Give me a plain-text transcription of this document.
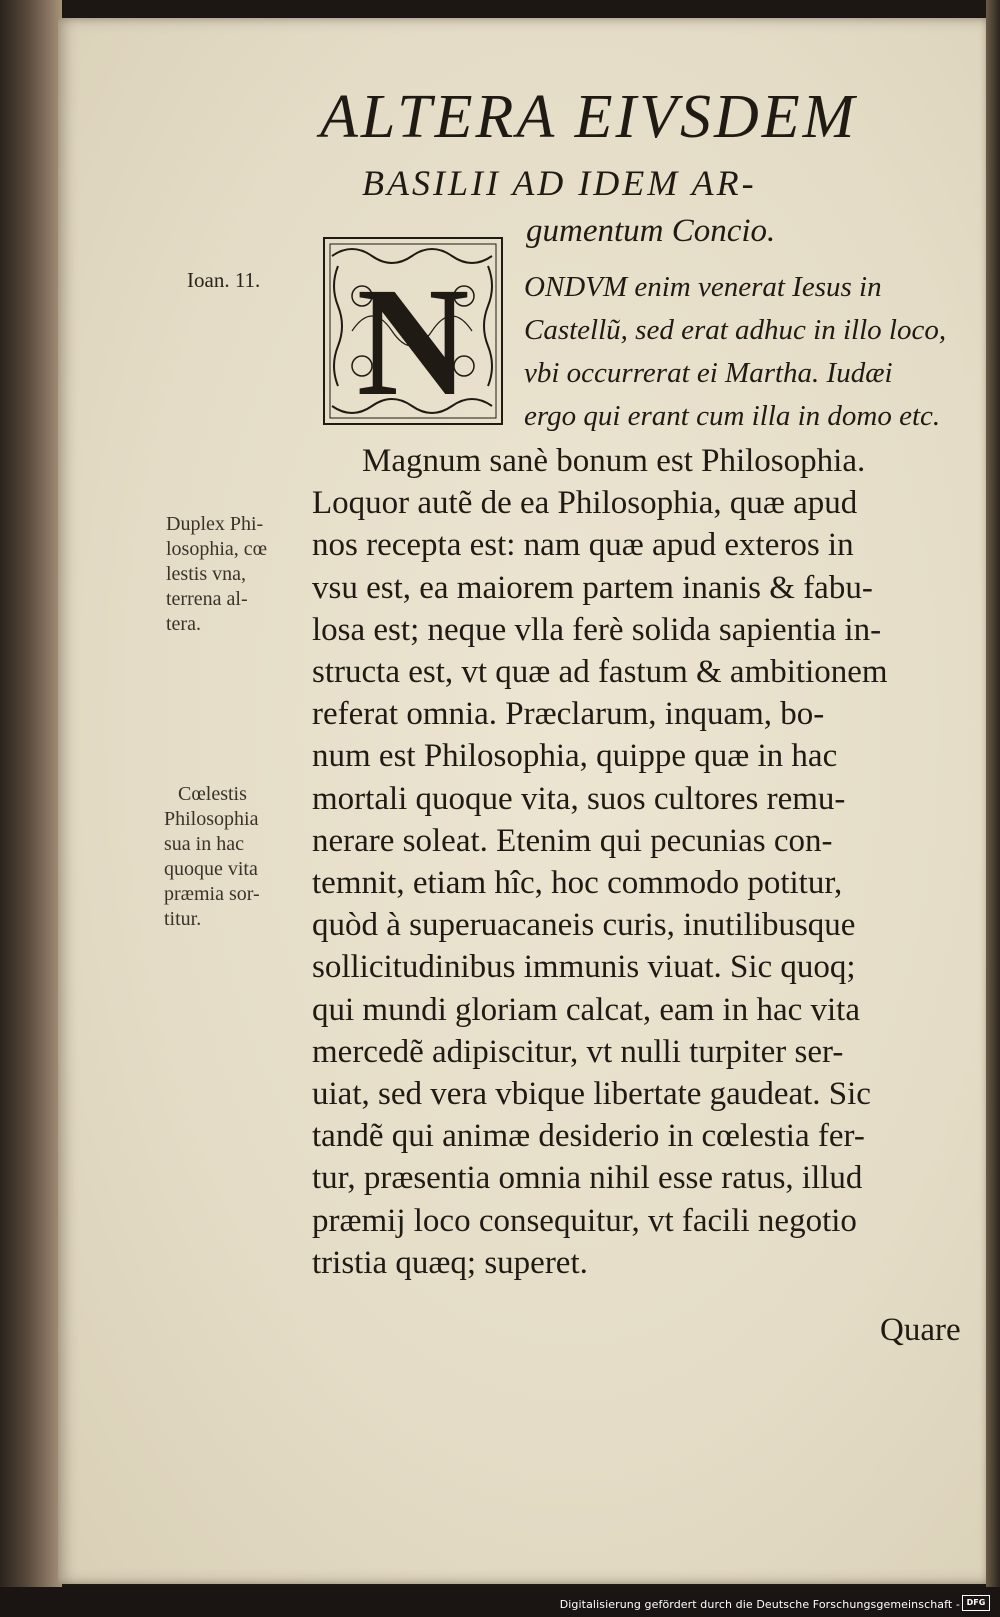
ALTERA EIVSDEM
BASILII AD IDEM AR-
gumentum Concio.
N ONDVM enim venerat Iesus in
Castellũ, sed erat adhuc in illo loco,
vbi occurrerat ei Martha. Iudæi
ergo qui erant cum illa in domo etc.
Ioan. 11.
Duplex Phi-
losophia, cœ
lestis vna,
terrena al-
tera.
Cœlestis
Philosophia
sua in hac
quoque vita
præmia sor-
titur.
Magnum sanè bonum est Philosophia.
Loquor autẽ de ea Philosophia, quæ apud
nos recepta est: nam quæ apud exteros in
vsu est, ea maiorem partem inanis & fabu-
losa est; neque vlla ferè solida sapientia in-
structa est, vt quæ ad fastum & ambitionem
referat omnia. Præclarum, inquam, bo-
num est Philosophia, quippe quæ in hac
mortali quoque vita, suos cultores remu-
nerare soleat. Etenim qui pecunias con-
temnit, etiam hîc, hoc commodo potitur,
quòd à superuacaneis curis, inutilibusque
sollicitudinibus immunis viuat. Sic quoq;
qui mundi gloriam calcat, eam in hac vita
mercedẽ adipiscitur, vt nulli turpiter ser-
uiat, sed vera vbique libertate gaudeat. Sic
tandẽ qui animæ desiderio in cœlestia fer-
tur, præsentia omnia nihil esse ratus, illud
præmij loco consequitur, vt facili negotio
tristia quæq; superet.
Quare
Digitalisierung gefördert durch die Deutsche Forschungsgemeinschaft - DFG
